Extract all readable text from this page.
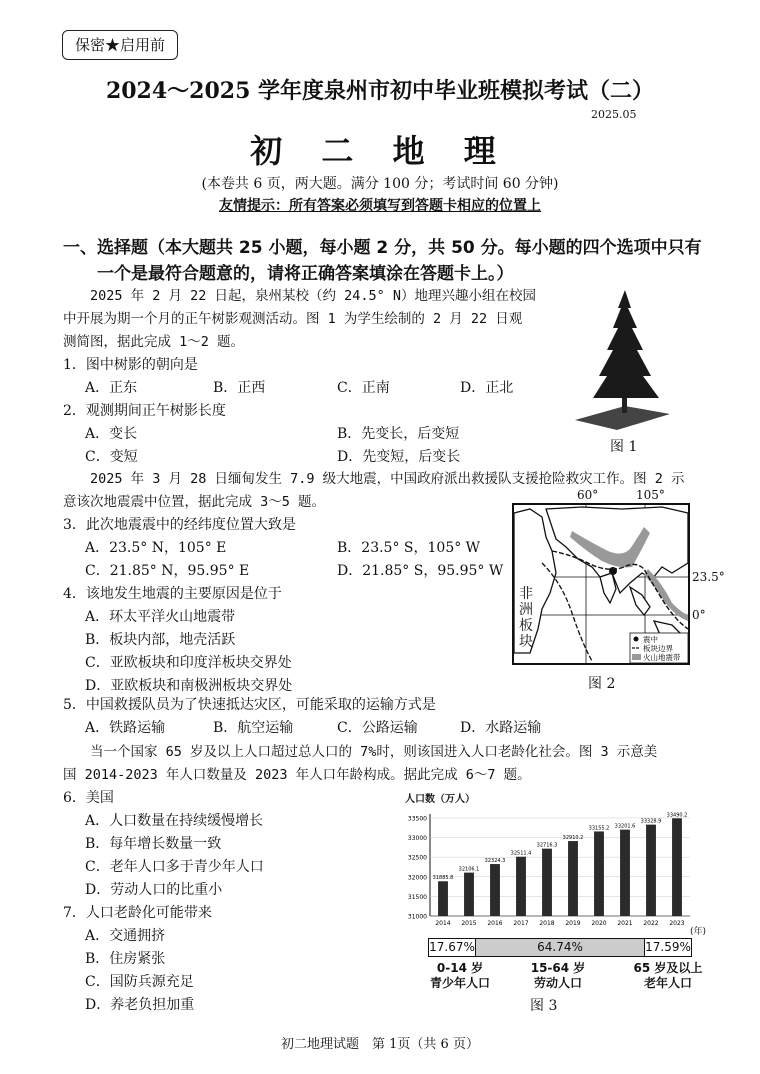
保密★启用前
2024～2025 学年度泉州市初中毕业班模拟考试（二）
2025.05
初 二 地 理
(本卷共 6 页，两大题。满分 100 分；考试时间 60 分钟)
友情提示：所有答案必须填写到答题卡相应的位置上
一、选择题（本大题共 25 小题，每小题 2 分，共 50 分。每小题的四个选项中只有
一个是最符合题意的，请将正确答案填涂在答题卡上。）
2025 年 2 月 22 日起，泉州某校（约 24.5° N）地理兴趣小组在校园
中开展为期一个月的正午树影观测活动。图 1 为学生绘制的 2 月 22 日观
测简图，据此完成 1～2 题。
1．图中树影的朝向是
A．正东	B．正西	C．正南	D．正北
2．观测期间正午树影长度
A．变长	B．先变长，后变短
C．变短	D．先变短，后变长
图 1
2025 年 3 月 28 日缅甸发生 7.9 级大地震，中国政府派出救援队支援抢险救灾工作。图 2 示
意该次地震震中位置，据此完成 3～5 题。
3．此次地震震中的经纬度位置大致是
A．23.5° N，105° E	B．23.5° S，105° W
C．21.85° N，95.95° E	D．21.85° S，95.95° W
4．该地发生地震的主要原因是位于
A．环太平洋火山地震带
B．板块内部，地壳活跃
C．亚欧板块和印度洋板块交界处
D．亚欧板块和南极洲板块交界处
60°	105°
震中
板块边界
火山地震带
非
洲
板
块
23.5°
0°
图 2
5．中国救援队员为了快速抵达灾区，可能采取的运输方式是
A．铁路运输	B．航空运输	C．公路运输	D．水路运输
当一个国家 65 岁及以上人口超过总人口的 7%时，则该国进入人口老龄化社会。图 3 示意美
国 2014-2023 年人口数量及 2023 年人口年龄构成。据此完成 6～7 题。
6．美国
A．人口数量在持续缓慢增长
B．每年增长数量一致
C．老年人口多于青少年人口
D．劳动人口的比重小
7．人口老龄化可能带来
A．交通拥挤
B．住房紧张
C．国防兵源充足
D．养老负担加重
人口数（万人）
31000
31500
32000
32500
33000
33500
31885.8
32106.1
32324.3
32511.4
32716.3
32910.2
33155.2 33201.6
33328.9
33490.2
2014 2015 2016 2017 2018 2019 2020 2021 2022 2023
(年)
17.67%	64.74%	17.59%
0-14 岁
青少年人口
15-64 岁
劳动人口
65 岁及以上
老年人口
图 3
初二地理试题　第 1页（共 6 页）
